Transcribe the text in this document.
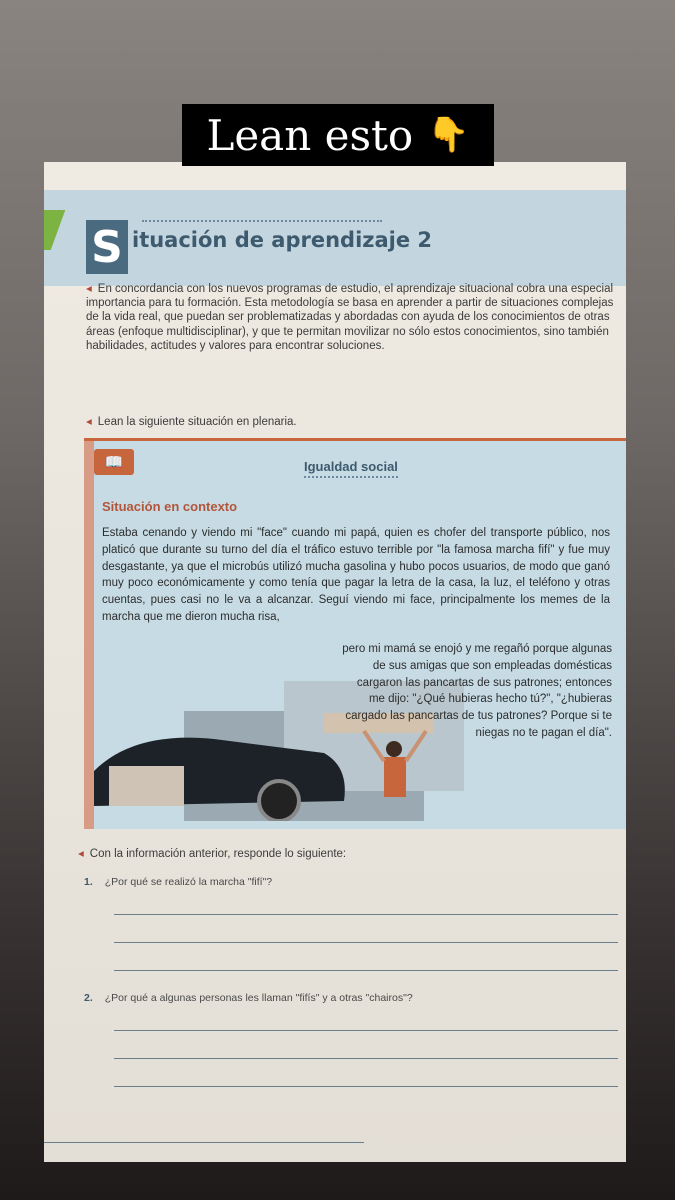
Lean esto 👇
S ituación de aprendizaje 2

◂ En concordancia con los nuevos programas de estudio, el aprendizaje situacional cobra una especial importancia para tu formación. Esta metodología se basa en aprender a partir de situaciones complejas de la vida real, que puedan ser problematizadas y abordadas con ayuda de los conocimientos de otras áreas (enfoque multidisciplinar), y que te permitan movilizar no sólo estos conocimientos, sino también habilidades, actitudes y valores para encontrar soluciones.

◂ Lean la siguiente situación en plenaria.
📖	Igualdad social
Situación en contexto
Estaba cenando y viendo mi "face" cuando mi papá, quien es chofer del transporte público, nos platicó que durante su turno del día el tráfico estuvo terrible por "la famosa marcha fifí" y fue muy desgastante, ya que el microbús utilizó mucha gasolina y hubo pocos usuarios, de modo que ganó muy poco económicamente y como tenía que pagar la letra de la casa, la luz, el teléfono y otras cuentas, pues casi no le va a alcanzar. Seguí viendo mi face, principalmente los memes de la marcha que me dieron mucha risa,
pero mi mamá se enojó y me regañó porque algunas de sus amigas que son empleadas domésticas cargaron las pancartas de sus patrones; entonces me dijo: "¿Qué hubieras hecho tú?", "¿hubieras cargado las pancartas de tus patrones? Porque si te niegas no te pagan el día".
◂ Con la información anterior, responde lo siguiente:
1. ¿Por qué se realizó la marcha "fifí"?
2. ¿Por qué a algunas personas les llaman "fifís" y a otras "chairos"?
